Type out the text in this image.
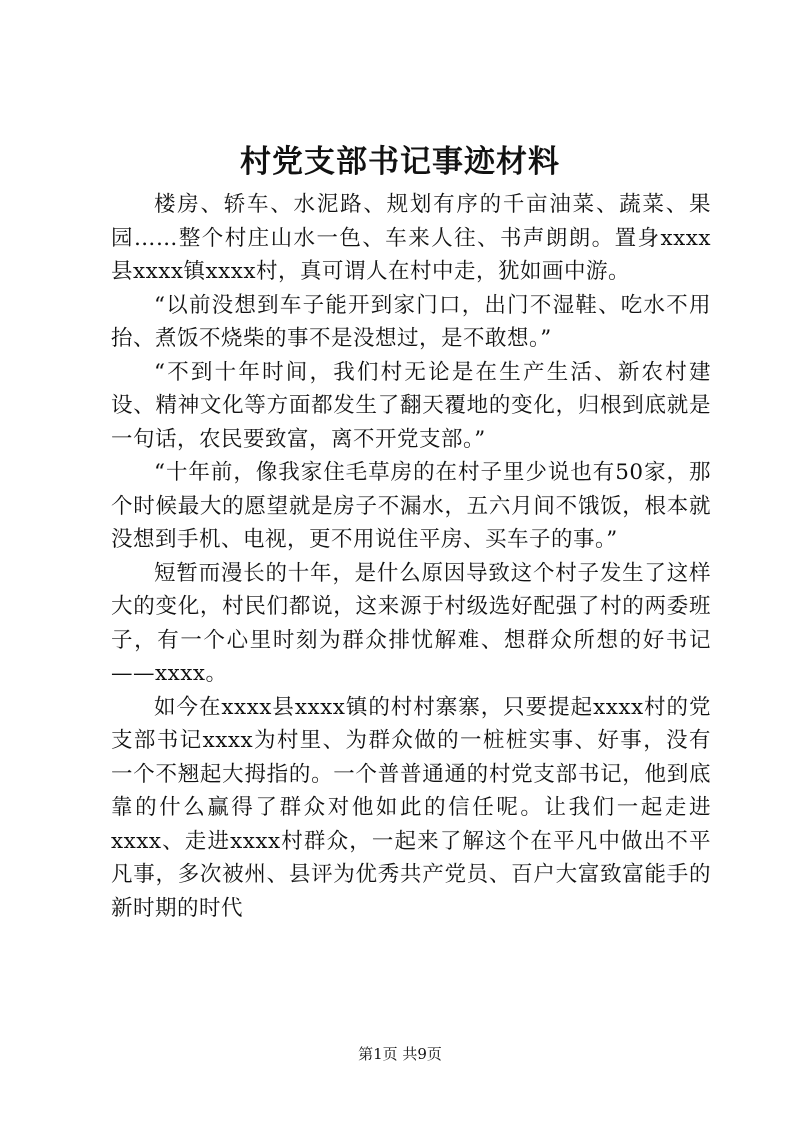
村党支部书记事迹材料

楼房、轿车、水泥路、规划有序的千亩油菜、蔬菜、果园……整个村庄山水一色、车来人往、书声朗朗。置身xxxx县xxxx镇xxxx村，真可谓人在村中走，犹如画中游。

“以前没想到车子能开到家门口，出门不湿鞋、吃水不用抬、煮饭不烧柴的事不是没想过，是不敢想。”

“不到十年时间，我们村无论是在生产生活、新农村建设、精神文化等方面都发生了翻天覆地的变化，归根到底就是一句话，农民要致富，离不开党支部。”

“十年前，像我家住毛草房的在村子里少说也有50家，那个时候最大的愿望就是房子不漏水，五六月间不饿饭，根本就没想到手机、电视，更不用说住平房、买车子的事。”

短暂而漫长的十年，是什么原因导致这个村子发生了这样大的变化，村民们都说，这来源于村级选好配强了村的两委班子，有一个心里时刻为群众排忧解难、想群众所想的好书记——xxxx。

如今在xxxx县xxxx镇的村村寨寨，只要提起xxxx村的党支部书记xxxx为村里、为群众做的一桩桩实事、好事，没有一个不翘起大拇指的。一个普普通通的村党支部书记，他到底靠的什么赢得了群众对他如此的信任呢。让我们一起走进xxxx、走进xxxx村群众，一起来了解这个在平凡中做出不平凡事，多次被州、县评为优秀共产党员、百户大富致富能手的新时期的时代

第1页 共9页
